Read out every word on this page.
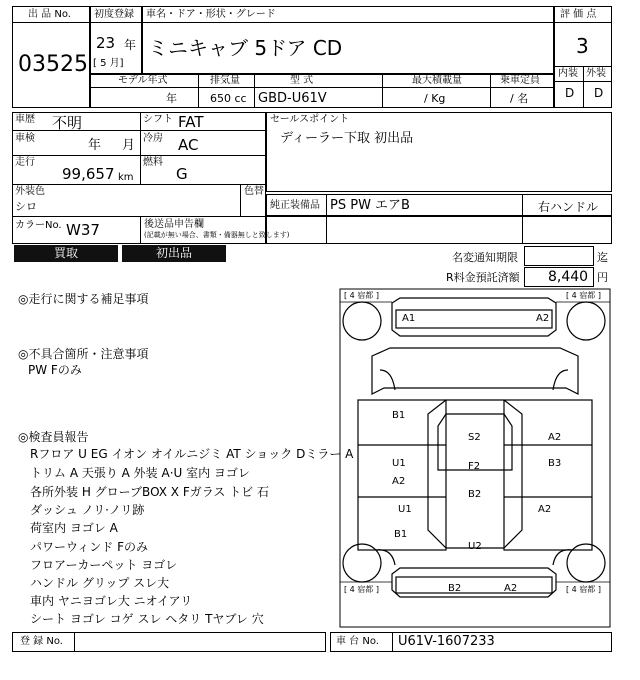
出 品 No.
03525
初度登録
23 年
[ 5 月]
車名・ドア・形状・グレード
ミニキャブ 5ドア CD
モデル年式
年
排気量
650 cc
型 式
GBD-U61V
最大積載量
/ Kg
乗車定員
/ 名
評 価 点
3
内装 外装
D D
車歴 不明	シフト FAT
車検	年 月 冷房 AC
走行
99,657 km
燃料
G
外装色
シロ
色替
カラーNo. W37	後送品申告欄
(記載が無い場合、書類・備器無しと致します)
セールスポイント
ディーラー下取 初出品
純正装備品 PS PW エアB	右ハンドル
買取	初出品	名変通知期限	迄
R料金預託済額 8,440 円
◎走行に関する補足事項
◎不具合箇所・注意事項
PW Fのみ
◎検査員報告
Rフロア U EG イオン オイルニジミ AT ショック Dミラー A
トリム A 天張り A 外装 A·U 室内 ヨゴレ
各所外装 H グローブBOX X Fガラス トビ 石
ダッシュ ノリ·ノリ跡
荷室内 ヨゴレ A
パワーウィンド Fのみ
フロアーカーペット ヨゴレ
ハンドル グリップ スレ大
車内 ヤニヨゴレ大 ニオイアリ
シート ヨゴレ コゲ スレ ヘタリ Tヤブレ 穴
[ 4 宿都 ]	[ 4 宿都 ]
[ 4 宿都 ]	[ 4 宿都 ]
A1	A2
B1
S2	A2
U1	F2	B3
A2
B2
U1	A2
B1
U2
B2	A2
登 録 No.	車 台 No. U61V-1607233
